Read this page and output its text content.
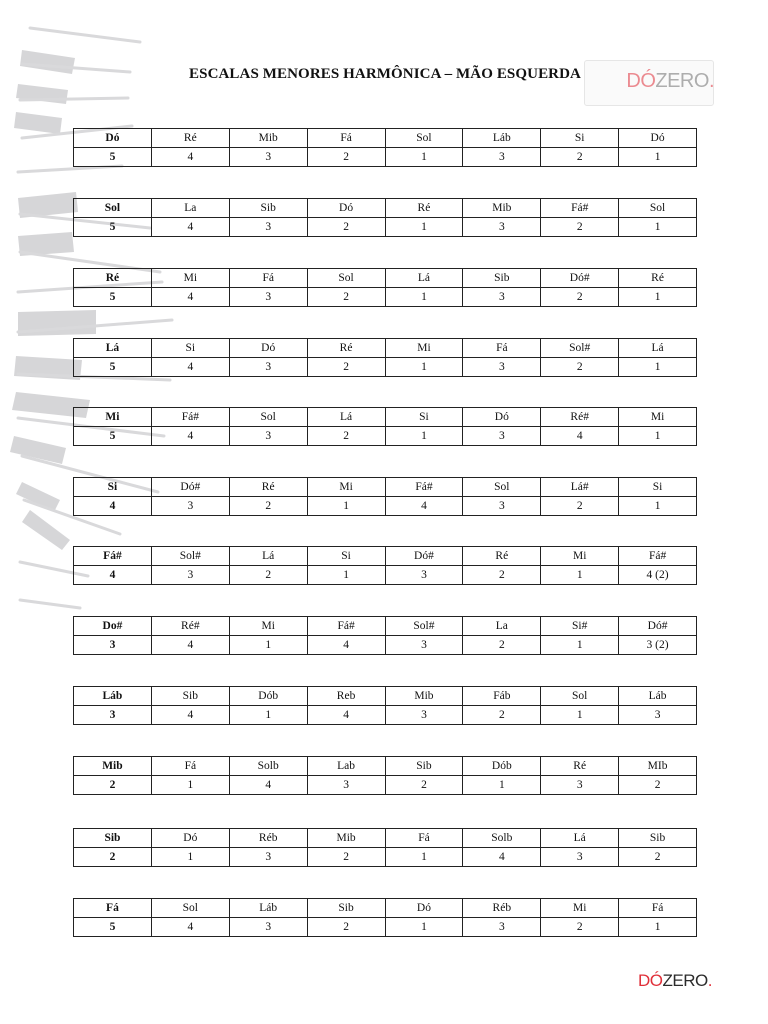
ESCALAS MENORES HARMÔNICA – MÃO ESQUERDA	DÓZERO.
Dó	Ré	Mib	Fá	Sol	Láb	Si	Dó
5	4	3	2	1	3	2	1
Sol	La	Sib	Dó	Ré	Mib	Fá#	Sol
5	4	3	2	1	3	2	1
Ré	Mi	Fá	Sol	Lá	Sib	Dó#	Ré
5	4	3	2	1	3	2	1
Lá	Si	Dó	Ré	Mi	Fá	Sol#	Lá
5	4	3	2	1	3	2	1
Mi	Fá#	Sol	Lá	Si	Dó	Ré#	Mi
5	4	3	2	1	3	4	1
Si	Dó#	Ré	Mi	Fá#	Sol	Lá#	Si
4	3	2	1	4	3	2	1
Fá#	Sol#	Lá	Si	Dó#	Ré	Mi	Fá#
4	3	2	1	3	2	1	4 (2)
Do#	Ré#	Mi	Fá#	Sol#	La	Si#	Dó#
3	4	1	4	3	2	1	3 (2)
Láb	Sib	Dób	Reb	Mib	Fáb	Sol	Láb
3	4	1	4	3	2	1	3
Mib	Fá	Solb	Lab	Sib	Dób	Ré	MIb
2	1	4	3	2	1	3	2
Sib	Dó	Réb	Mib	Fá	Solb	Lá	Sib
2	1	3	2	1	4	3	2
Fá	Sol	Láb	Sib	Dó	Réb	Mi	Fá
5	4	3	2	1	3	2	1
DÓZERO.
